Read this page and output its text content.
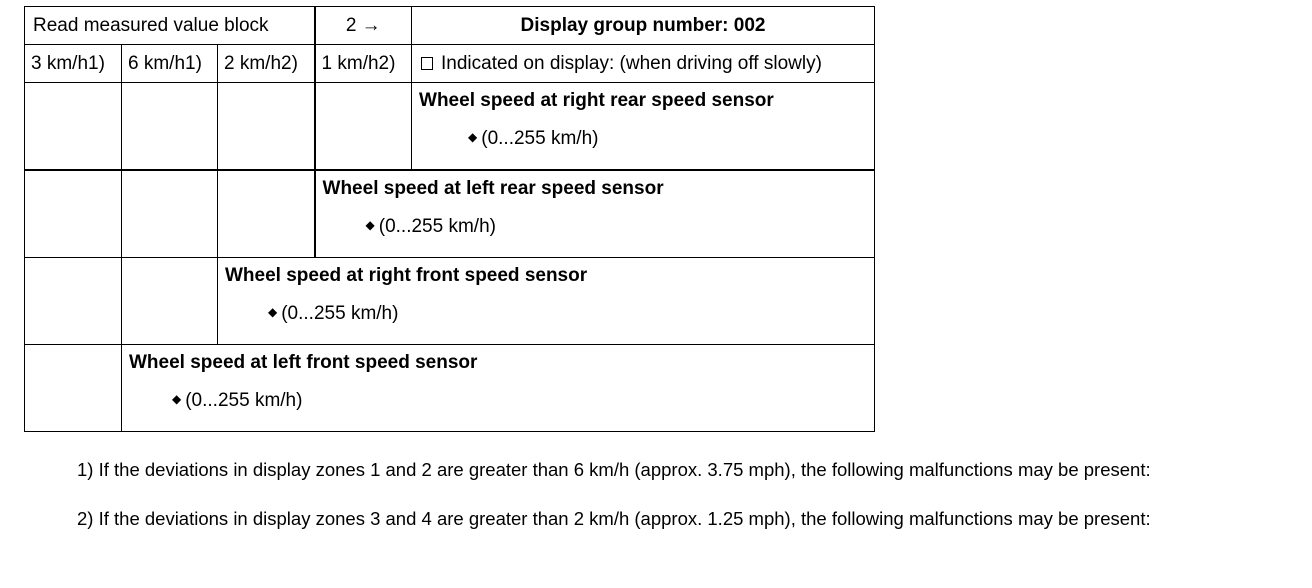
Read measured value block			2 →	Display group number: 002
3 km/h1)	6 km/h1)	2 km/h2)	1 km/h2)	Indicated on display: (when driving off slowly)

				Wheel speed at right rear speed sensor
◆ (0...255 km/h)

			Wheel speed at left rear speed sensor
◆ (0...255 km/h)	

		Wheel speed at right front speed sensor
◆ (0...255 km/h)		

	Wheel speed at left front speed sensor
◆ (0...255 km/h)			

1) If the deviations in display zones 1 and 2 are greater than 6 km/h (approx. 3.75 mph), the following malfunctions may be present:

2) If the deviations in display zones 3 and 4 are greater than 2 km/h (approx. 1.25 mph), the following malfunctions may be present:
